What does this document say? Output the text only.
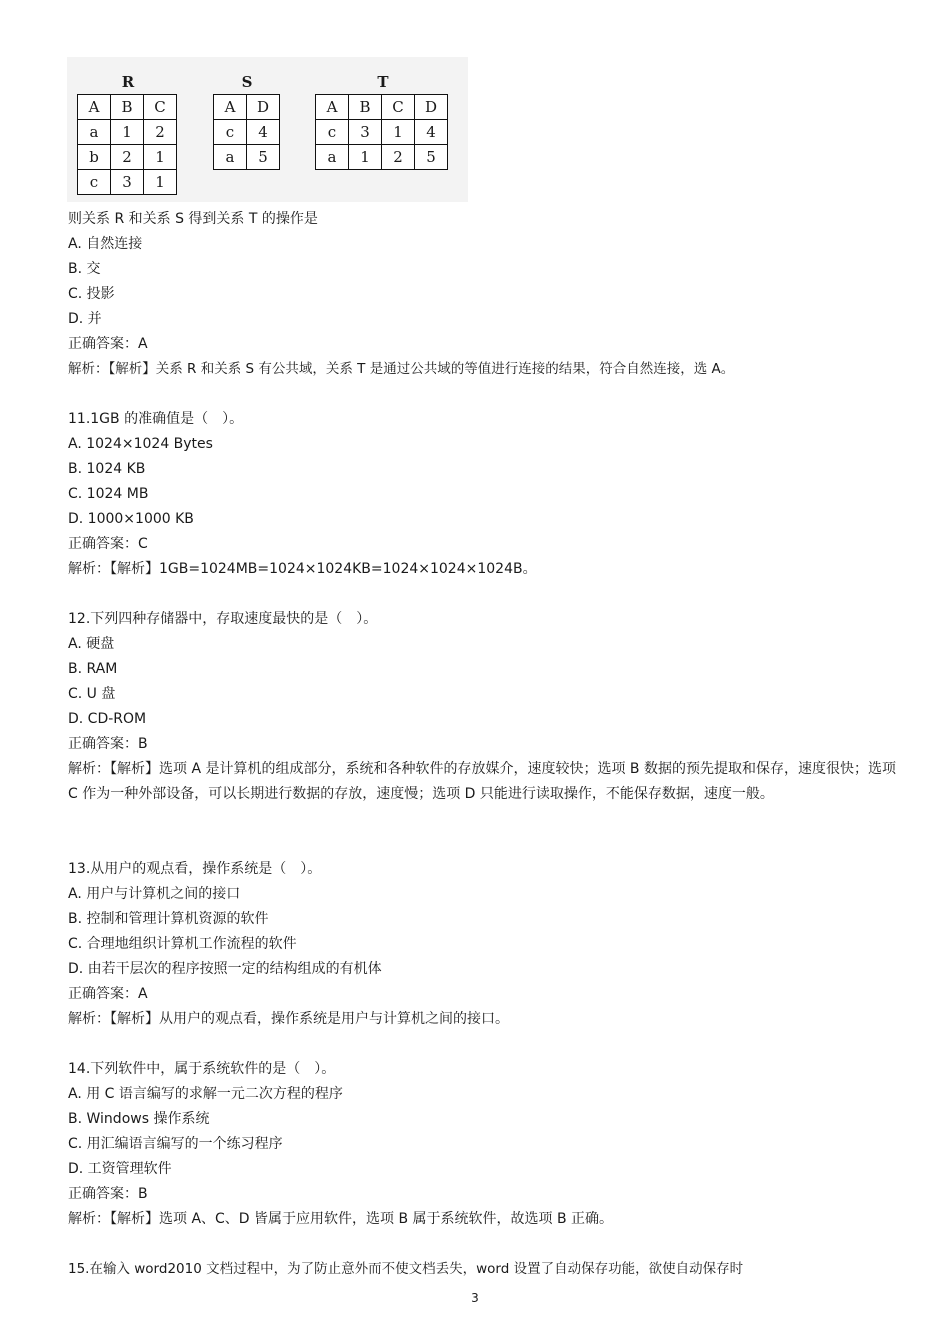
R
A	B	C
a	1	2
b	2	1
c	3	1
S
A	D
c	4
a	5
T
A	B	C	D
c	3	1	4
a	1	2	5
则关系 R 和关系 S 得到关系 T 的操作是
A. 自然连接
B. 交
C. 投影
D. 并
正确答案：A
解析：【解析】关系 R 和关系 S 有公共域，关系 T 是通过公共域的等值进行连接的结果，符合自然连接，选 A。
11.1GB 的准确值是（　）。
A. 1024×1024 Bytes
B. 1024 KB
C. 1024 MB
D. 1000×1000 KB
正确答案：C
解析：【解析】1GB=1024MB=1024×1024KB=1024×1024×1024B。
12.下列四种存储器中，存取速度最快的是（　）。
A. 硬盘
B. RAM
C. U 盘
D. CD-ROM
正确答案：B
解析：【解析】选项 A 是计算机的组成部分，系统和各种软件的存放媒介，速度较快；选项 B 数据的预先提取和保存，速度很快；选项 C 作为一种外部设备，可以长期进行数据的存放，速度慢；选项 D 只能进行读取操作，不能保存数据，速度一般。
13.从用户的观点看，操作系统是（　）。
A. 用户与计算机之间的接口
B. 控制和管理计算机资源的软件
C. 合理地组织计算机工作流程的软件
D. 由若干层次的程序按照一定的结构组成的有机体
正确答案：A
解析：【解析】从用户的观点看，操作系统是用户与计算机之间的接口。
14.下列软件中，属于系统软件的是（　）。
A. 用 C 语言编写的求解一元二次方程的程序
B. Windows 操作系统
C. 用汇编语言编写的一个练习程序
D. 工资管理软件
正确答案：B
解析：【解析】选项 A、C、D 皆属于应用软件，选项 B 属于系统软件，故选项 B 正确。
15.在输入 word2010 文档过程中，为了防止意外而不使文档丢失，word 设置了自动保存功能，欲使自动保存时
3
